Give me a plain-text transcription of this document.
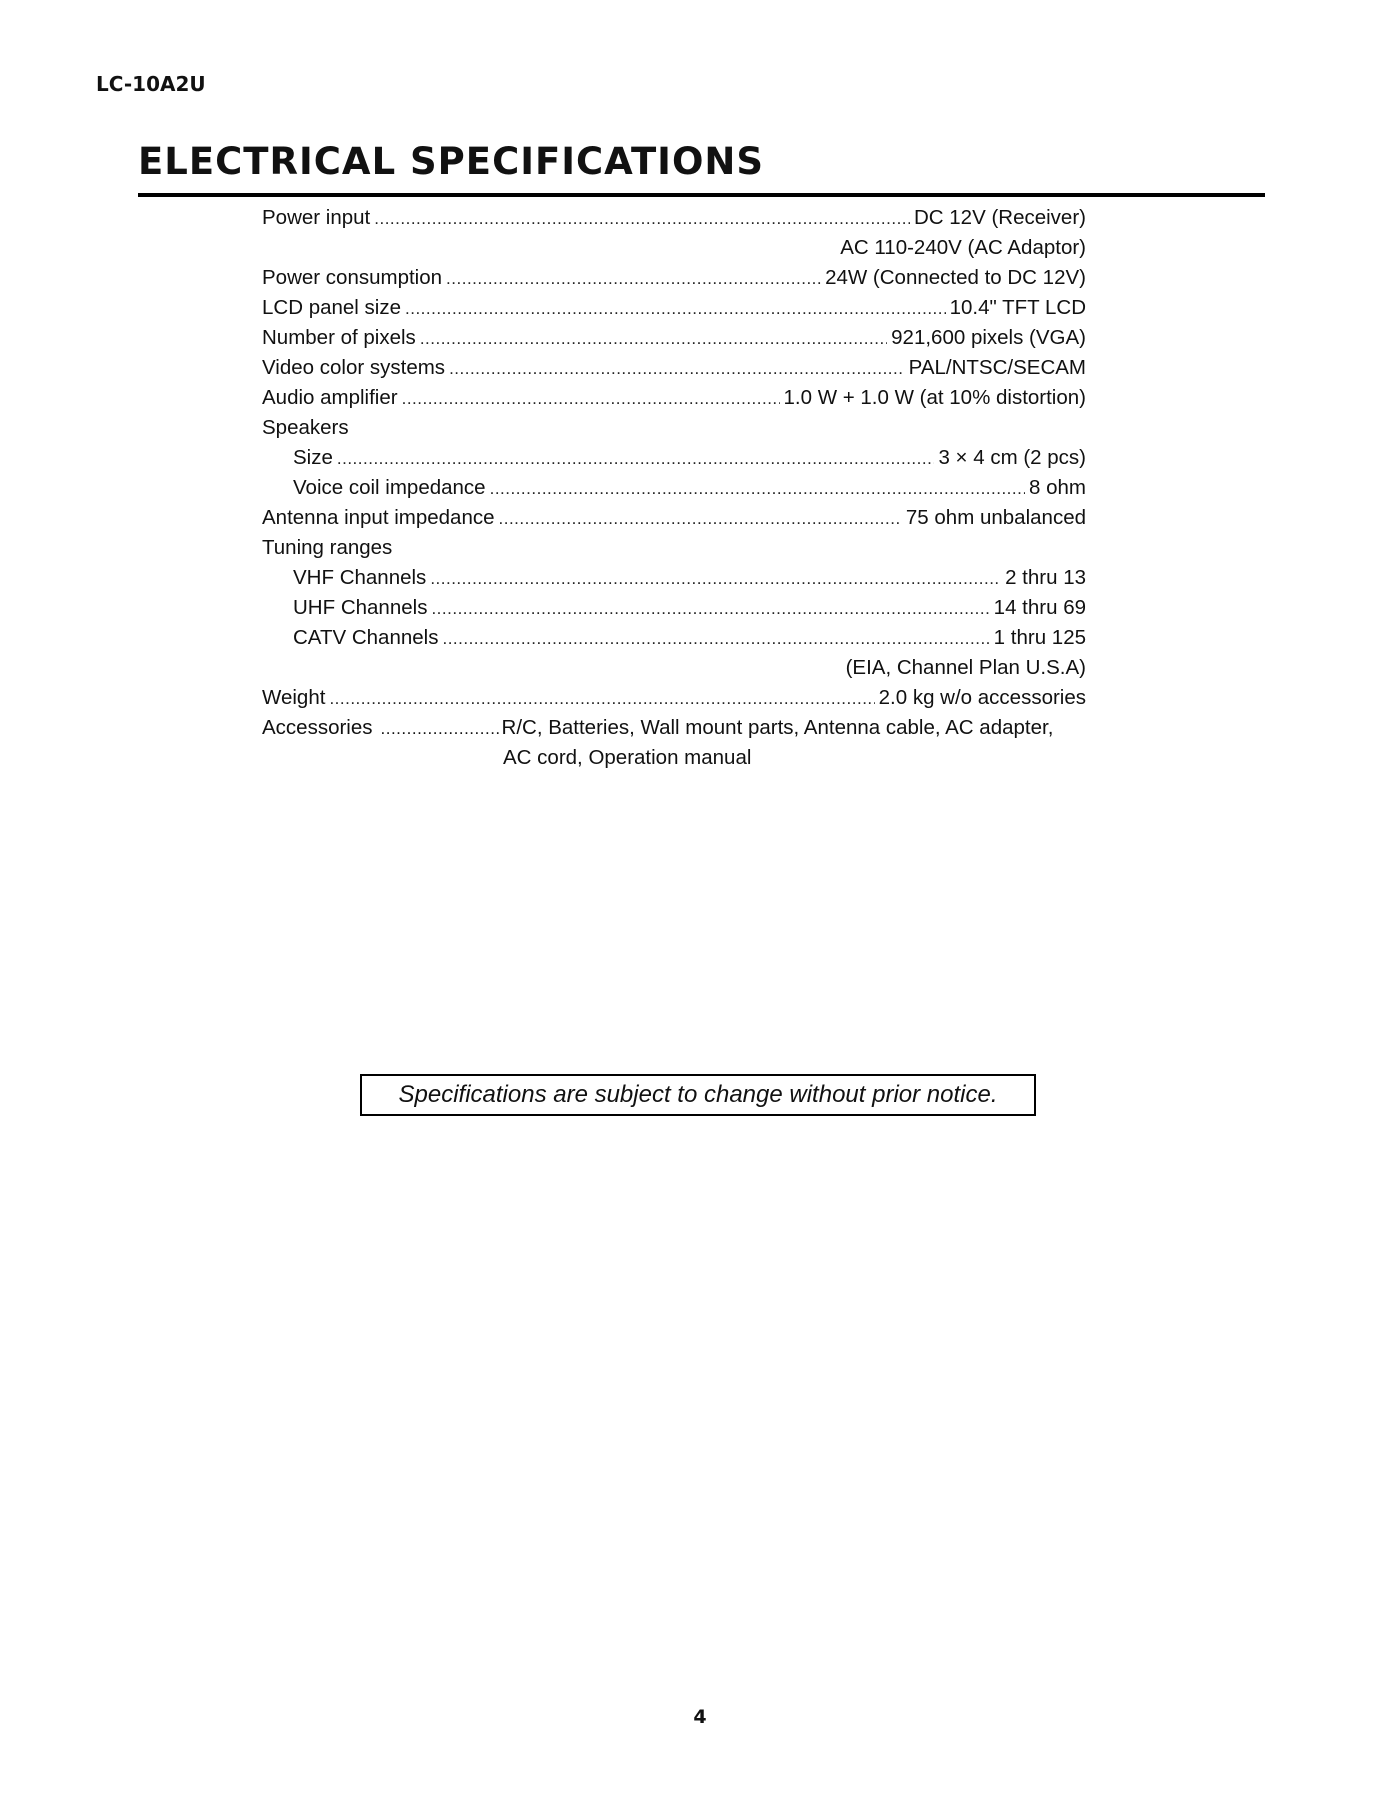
LC-10A2U
ELECTRICAL SPECIFICATIONS
Power input .....	DC 12V (Receiver)
AC 110-240V (AC Adaptor)
Power consumption .....	24W (Connected to DC 12V)
LCD panel size .....	10.4" TFT LCD
Number of pixels .....	921,600 pixels (VGA)
Video color systems .....	PAL/NTSC/SECAM
Audio amplifier .....	1.0 W + 1.0 W (at 10% distortion)
Speakers
Size .....	3 × 4 cm (2 pcs)
Voice coil impedance .....	8 ohm
Antenna input impedance .....	75 ohm unbalanced
Tuning ranges
VHF Channels .....	2 thru 13
UHF Channels .....	14 thru 69
CATV Channels .....	1 thru 125
(EIA, Channel Plan U.S.A)
Weight .....	2.0 kg w/o accessories
Accessories .....	R/C, Batteries, Wall mount parts, Antenna cable, AC adapter,
AC cord, Operation manual
Specifications are subject to change without prior notice.
4
